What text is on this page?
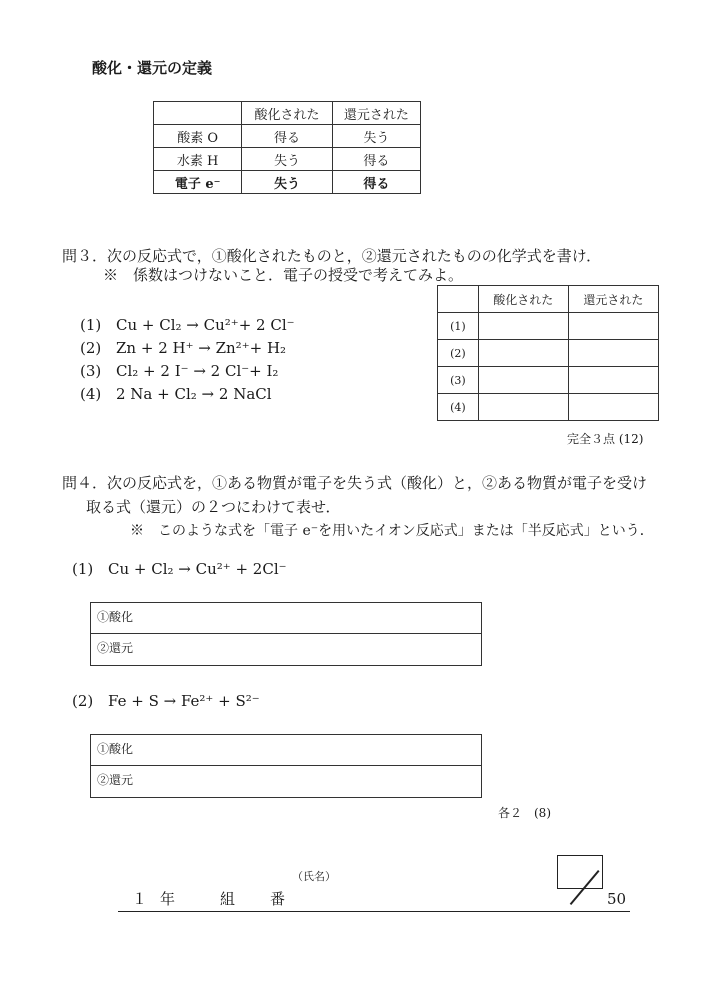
酸化・還元の定義
	酸化された	還元された
酸素 O	得る	失う
水素 H	失う	得る
電子 e⁻	失う	得る
問３．次の反応式で，①酸化されたものと，②還元されたものの化学式を書け．
※　係数はつけないこと．電子の授受で考えてみよ。
(1) Cu + Cl₂ → Cu²⁺+ 2 Cl⁻
(2) Zn + 2 H⁺ → Zn²⁺+ H₂
(3) Cl₂ + 2 I⁻ → 2 Cl⁻+ I₂
(4) 2 Na + Cl₂ → 2 NaCl
	酸化された	還元された
(1)		
(2)		
(3)		
(4)		
完全３点 (12)
問４．次の反応式を，①ある物質が電子を失う式（酸化）と，②ある物質が電子を受け
取る式（還元）の２つにわけて表せ．
※　このような式を「電子 e⁻を用いたイオン反応式」または「半反応式」という．
(1) Cu + Cl₂ → Cu²⁺ + 2Cl⁻
①酸化
②還元
(2) Fe + S → Fe²⁺ + S²⁻
①酸化
②還元
各２　(8)
（氏名）
１ 年	組 番	50
